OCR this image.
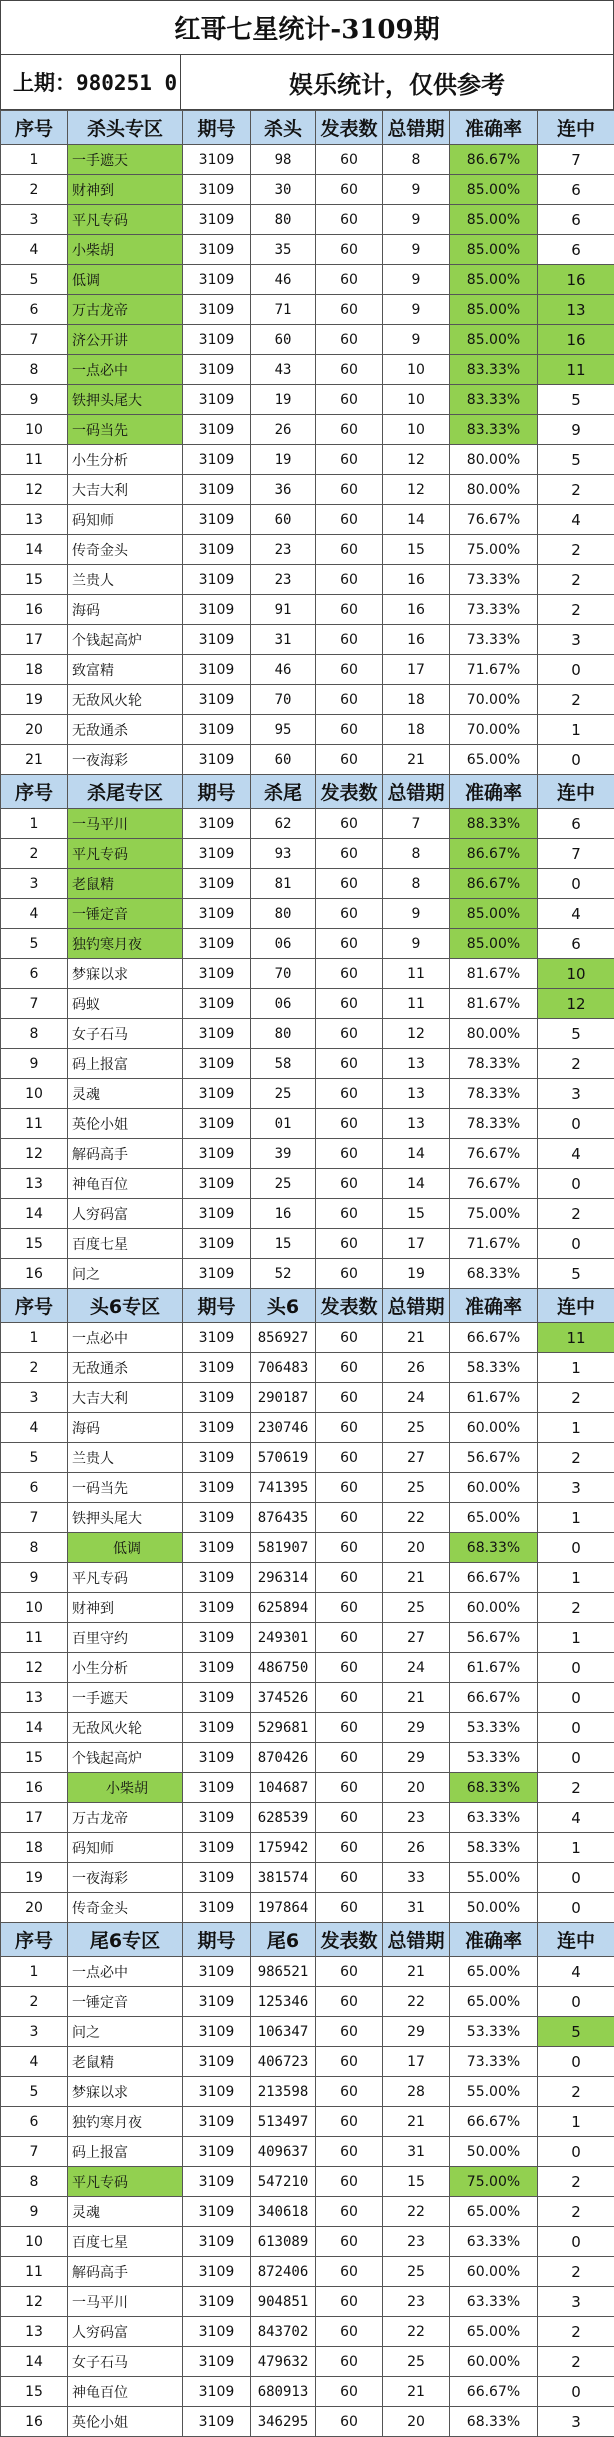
红哥七星统计-3109期
上期：980251 0	娱乐统计，仅供参考
序号	杀头专区	期号	杀头	发表数	总错期	准确率	连中
1	一手遮天	3109	98	60	8	86.67%	7
2	财神到	3109	30	60	9	85.00%	6
3	平凡专码	3109	80	60	9	85.00%	6
4	小柴胡	3109	35	60	9	85.00%	6
5	低调	3109	46	60	9	85.00%	16
6	万古龙帝	3109	71	60	9	85.00%	13
7	济公开讲	3109	60	60	9	85.00%	16
8	一点必中	3109	43	60	10	83.33%	11
9	铁押头尾大	3109	19	60	10	83.33%	5
10	一码当先	3109	26	60	10	83.33%	9
11	小生分析	3109	19	60	12	80.00%	5
12	大吉大利	3109	36	60	12	80.00%	2
13	码知师	3109	60	60	14	76.67%	4
14	传奇金头	3109	23	60	15	75.00%	2
15	兰贵人	3109	23	60	16	73.33%	2
16	海码	3109	91	60	16	73.33%	2
17	个钱起高炉	3109	31	60	16	73.33%	3
18	致富精	3109	46	60	17	71.67%	0
19	无敌风火轮	3109	70	60	18	70.00%	2
20	无敌通杀	3109	95	60	18	70.00%	1
21	一夜海彩	3109	60	60	21	65.00%	0
序号	杀尾专区	期号	杀尾	发表数	总错期	准确率	连中
1	一马平川	3109	62	60	7	88.33%	6
2	平凡专码	3109	93	60	8	86.67%	7
3	老鼠精	3109	81	60	8	86.67%	0
4	一锤定音	3109	80	60	9	85.00%	4
5	独钓寒月夜	3109	06	60	9	85.00%	6
6	梦寐以求	3109	70	60	11	81.67%	10
7	码蚁	3109	06	60	11	81.67%	12
8	女子石马	3109	80	60	12	80.00%	5
9	码上报富	3109	58	60	13	78.33%	2
10	灵魂	3109	25	60	13	78.33%	3
11	英伦小姐	3109	01	60	13	78.33%	0
12	解码高手	3109	39	60	14	76.67%	4
13	神龟百位	3109	25	60	14	76.67%	0
14	人穷码富	3109	16	60	15	75.00%	2
15	百度七星	3109	15	60	17	71.67%	0
16	问之	3109	52	60	19	68.33%	5
序号	头6专区	期号	头6	发表数	总错期	准确率	连中
1	一点必中	3109	856927	60	21	66.67%	11
2	无敌通杀	3109	706483	60	26	58.33%	1
3	大吉大利	3109	290187	60	24	61.67%	2
4	海码	3109	230746	60	25	60.00%	1
5	兰贵人	3109	570619	60	27	56.67%	2
6	一码当先	3109	741395	60	25	60.00%	3
7	铁押头尾大	3109	876435	60	22	65.00%	1
8	低调	3109	581907	60	20	68.33%	0
9	平凡专码	3109	296314	60	21	66.67%	1
10	财神到	3109	625894	60	25	60.00%	2
11	百里守约	3109	249301	60	27	56.67%	1
12	小生分析	3109	486750	60	24	61.67%	0
13	一手遮天	3109	374526	60	21	66.67%	0
14	无敌风火轮	3109	529681	60	29	53.33%	0
15	个钱起高炉	3109	870426	60	29	53.33%	0
16	小柴胡	3109	104687	60	20	68.33%	2
17	万古龙帝	3109	628539	60	23	63.33%	4
18	码知师	3109	175942	60	26	58.33%	1
19	一夜海彩	3109	381574	60	33	55.00%	0
20	传奇金头	3109	197864	60	31	50.00%	0
序号	尾6专区	期号	尾6	发表数	总错期	准确率	连中
1	一点必中	3109	986521	60	21	65.00%	4
2	一锤定音	3109	125346	60	22	65.00%	0
3	问之	3109	106347	60	29	53.33%	5
4	老鼠精	3109	406723	60	17	73.33%	0
5	梦寐以求	3109	213598	60	28	55.00%	2
6	独钓寒月夜	3109	513497	60	21	66.67%	1
7	码上报富	3109	409637	60	31	50.00%	0
8	平凡专码	3109	547210	60	15	75.00%	2
9	灵魂	3109	340618	60	22	65.00%	2
10	百度七星	3109	613089	60	23	63.33%	0
11	解码高手	3109	872406	60	25	60.00%	2
12	一马平川	3109	904851	60	23	63.33%	3
13	人穷码富	3109	843702	60	22	65.00%	2
14	女子石马	3109	479632	60	25	60.00%	2
15	神龟百位	3109	680913	60	21	66.67%	0
16	英伦小姐	3109	346295	60	20	68.33%	3
